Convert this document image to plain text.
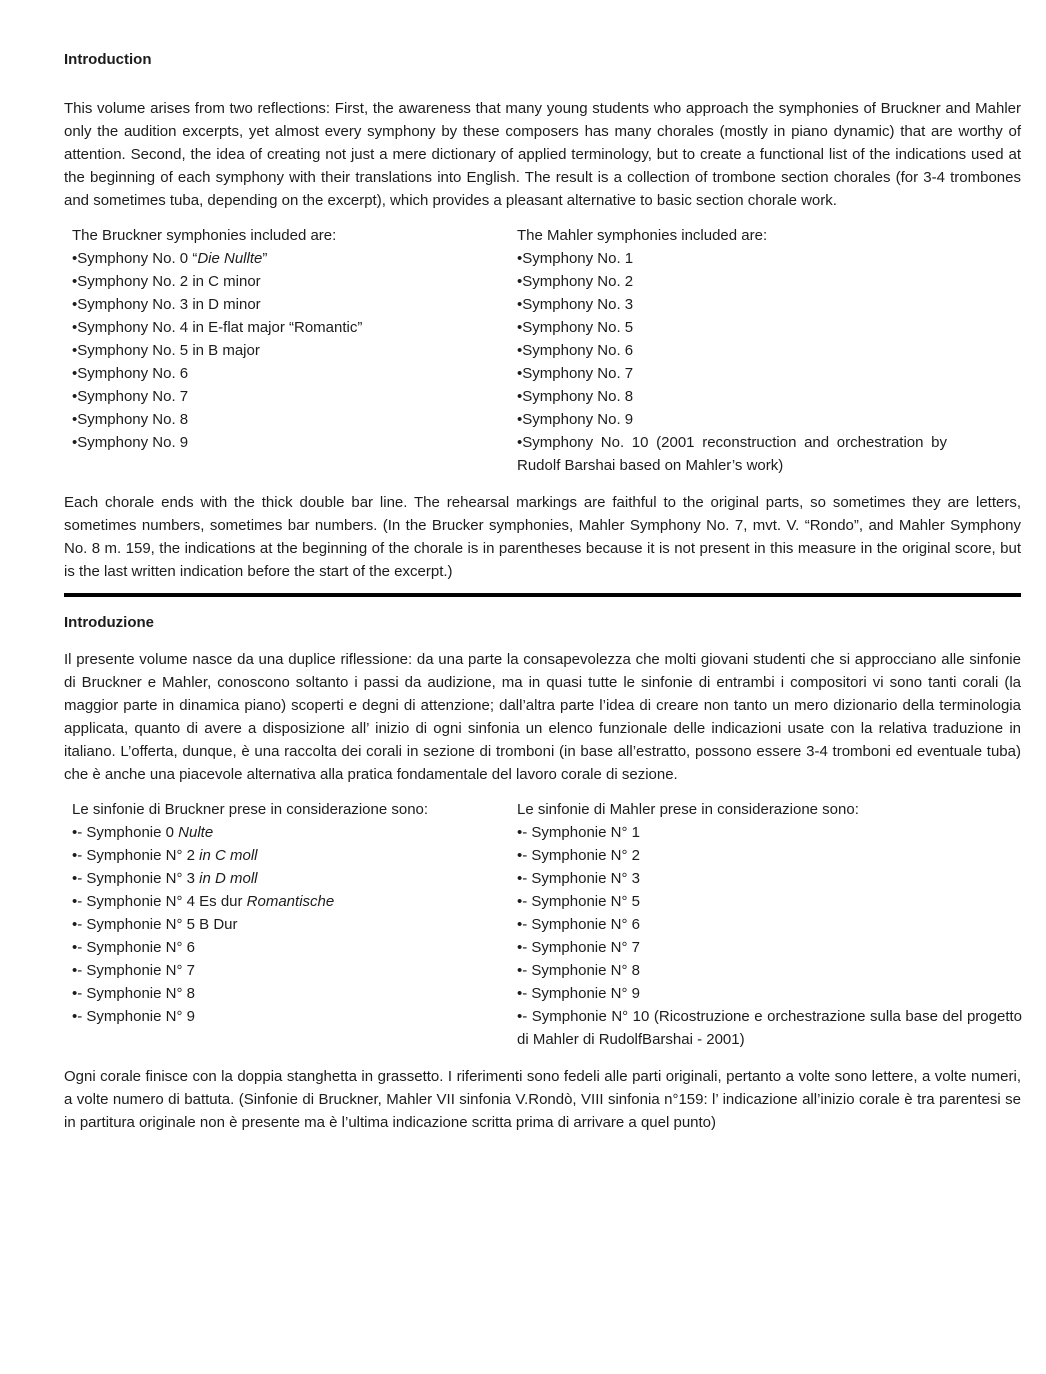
Introduction

This volume arises from two reflections: First, the awareness that many young students who approach the symphonies of Bruckner and Mahler only the audition excerpts, yet almost every symphony by these composers has many chorales (mostly in piano dynamic) that are worthy of attention. Second, the idea of creating not just a mere dictionary of applied terminology, but to create a functional list of the indications used at the beginning of each symphony with their translations into English. The result is a collection of trombone section chorales (for 3-4 trombones and sometimes tuba, depending on the excerpt), which provides a pleasant alternative to basic section chorale work.

The Bruckner symphonies included are:
• Symphony No. 0 “Die Nullte”
• Symphony No. 2 in C minor
• Symphony No. 3 in D minor
• Symphony No. 4 in E-flat major “Romantic”
• Symphony No. 5 in B major
• Symphony No. 6
• Symphony No. 7
• Symphony No. 8
• Symphony No. 9
The Mahler symphonies included are:
• Symphony No. 1
• Symphony No. 2
• Symphony No. 3
• Symphony No. 5
• Symphony No. 6
• Symphony No. 7
• Symphony No. 8
• Symphony No. 9
• Symphony No. 10 (2001 reconstruction and orchestration by Rudolf Barshai based on Mahler’s work)

Each chorale ends with the thick double bar line. The rehearsal markings are faithful to the original parts, so sometimes they are letters, sometimes numbers, sometimes bar numbers. (In the Brucker symphonies, Mahler Symphony No. 7, mvt. V. “Rondo”, and Mahler Symphony No. 8 m. 159, the indications at the beginning of the chorale is in parentheses because it is not present in this measure in the original score, but is the last written indication before the start of the excerpt.)

Introduzione

Il presente volume nasce da una duplice riflessione: da una parte la consapevolezza che molti giovani studenti che si approcciano alle sinfonie di Bruckner e Mahler, conoscono soltanto i passi da audizione, ma in quasi tutte le sinfonie di entrambi i compositori vi sono tanti corali (la maggior parte in dinamica piano) scoperti e degni di attenzione; dall’altra parte l’idea di creare non tanto un mero dizionario della terminologia applicata, quanto di avere a disposizione all’ inizio di ogni sinfonia un elenco funzionale delle indicazioni usate con la relativa traduzione in italiano. L’offerta, dunque, è una raccolta dei corali in sezione di tromboni (in base all’estratto, possono essere 3-4 tromboni ed eventuale tuba) che è anche una piacevole alternativa alla pratica fondamentale del lavoro corale di sezione.

Le sinfonie di Bruckner prese in considerazione sono:
• - Symphonie 0 Nulte
• - Symphonie N° 2 in C moll
• - Symphonie N° 3 in D moll
• - Symphonie N° 4 Es dur Romantische
• - Symphonie N° 5 B Dur
• - Symphonie N° 6
• - Symphonie N° 7
• - Symphonie N° 8
• - Symphonie N° 9
Le sinfonie di Mahler prese in considerazione sono:
• - Symphonie N° 1
• - Symphonie N° 2
• - Symphonie N° 3
• - Symphonie N° 5
• - Symphonie N° 6
• - Symphonie N° 7
• - Symphonie N° 8
• - Symphonie N° 9
• - Symphonie N° 10 (Ricostruzione e orchestrazione sulla base del progetto di Mahler di RudolfBarshai - 2001)

Ogni corale finisce con la doppia stanghetta in grassetto. I riferimenti sono fedeli alle parti originali, pertanto a volte sono lettere, a volte numeri, a volte numero di battuta. (Sinfonie di Bruckner, Mahler VII sinfonia V.Rondò, VIII sinfonia n°159: l’ indicazione all’inizio corale è tra parentesi se in partitura originale non è presente ma è l’ultima indicazione scritta prima di arrivare a quel punto)
